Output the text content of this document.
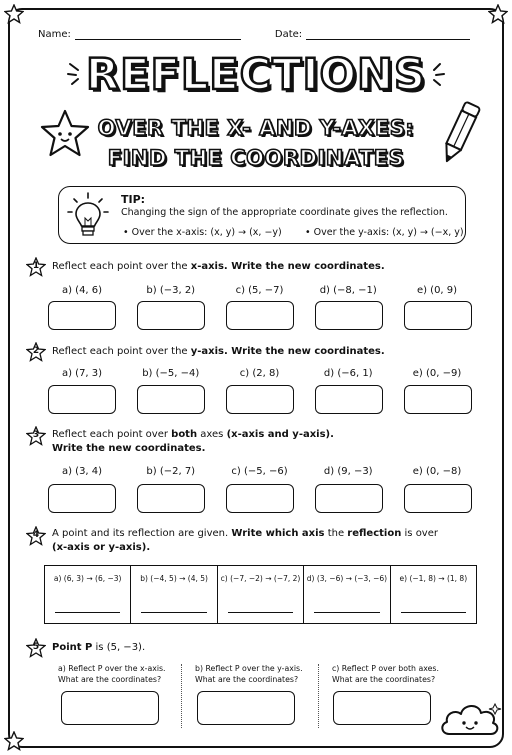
Name:	Date:
REFLECTIONS
OVER THE X- AND Y-AXES:
FIND THE COORDINATES
TIP:
Changing the sign of the appropriate coordinate gives the reflection.
• Over the x-axis: (x, y) → (x, −y) • Over the y-axis: (x, y) → (−x, y)
1	Reflect each point over the x-axis. Write the new coordinates.
a) (4, 6)	b) (−3, 2)	c) (5, −7)	d) (−8, −1)	e) (0, 9)
2	Reflect each point over the y-axis. Write the new coordinates.
a) (7, 3)	b) (−5, −4)	c) (2, 8)	d) (−6, 1)	e) (0, −9)
3	Reflect each point over both axes (x-axis and y-axis).
Write the new coordinates.
a) (3, 4)	b) (−2, 7)	c) (−5, −6)	d) (9, −3)	e) (0, −8)
4	A point and its reflection are given. Write which axis the reflection is over
(x-axis or y-axis).
a) (6, 3) → (6, −3)	b) (−4, 5) → (4, 5)	c) (−7, −2) → (−7, 2) d) (3, −6) → (−3, −6)	e) (−1, 8) → (1, 8)
5	Point P is (5, −3).
a) Reflect P over the x-axis.
What are the coordinates?
b) Reflect P over the y-axis.
What are the coordinates?
c) Reflect P over both axes.
What are the coordinates?
